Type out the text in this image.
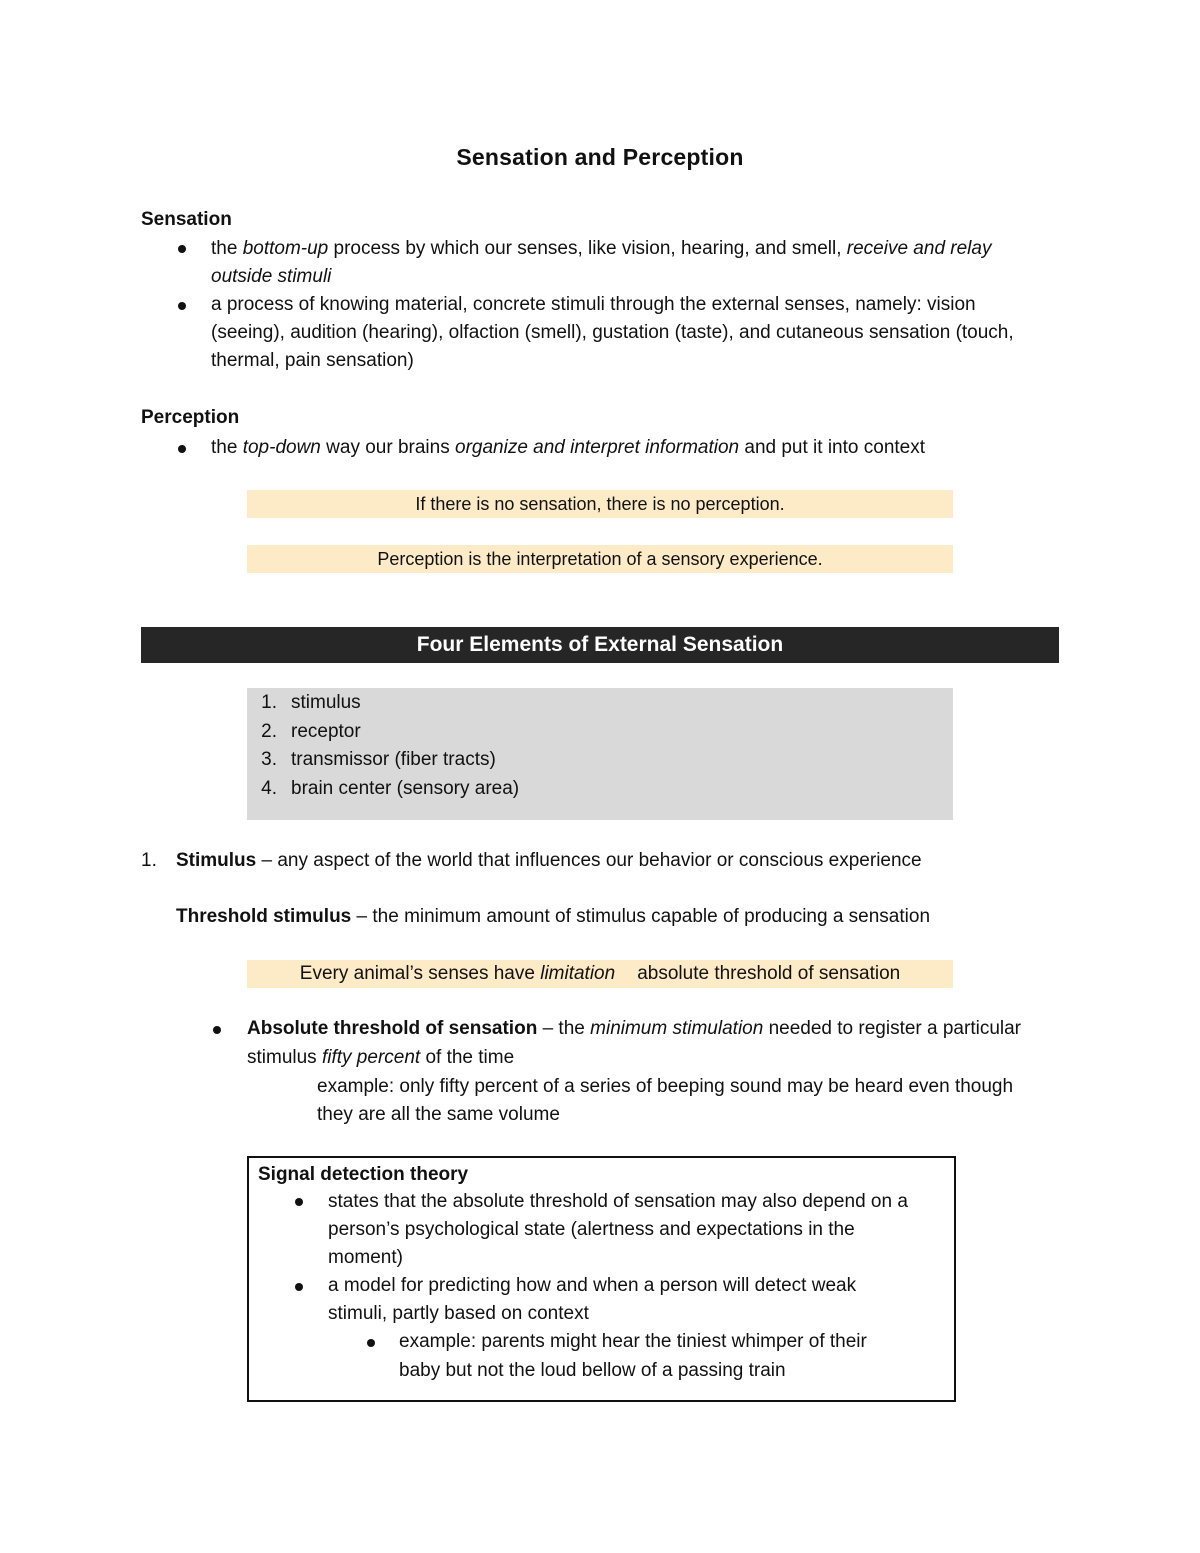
Sensation and Perception
Sensation
the bottom-up process by which our senses, like vision, hearing, and smell, receive and relay
outside stimuli
a process of knowing material, concrete stimuli through the external senses, namely: vision
(seeing), audition (hearing), olfaction (smell), gustation (taste), and cutaneous sensation (touch,
thermal, pain sensation)
Perception
the top-down way our brains organize and interpret information and put it into context
If there is no sensation, there is no perception.
Perception is the interpretation of a sensory experience.
Four Elements of External Sensation
1. stimulus
2. receptor
3. transmissor (fiber tracts)
4. brain center (sensory area)
1. Stimulus – any aspect of the world that influences our behavior or conscious experience
Threshold stimulus – the minimum amount of stimulus capable of producing a sensation
Every animal’s senses have limitation absolute threshold of sensation
Absolute threshold of sensation – the minimum stimulation needed to register a particular
stimulus fifty percent of the time
example: only fifty percent of a series of beeping sound may be heard even though
they are all the same volume
Signal detection theory
states that the absolute threshold of sensation may also depend on a
person’s psychological state (alertness and expectations in the
moment)
a model for predicting how and when a person will detect weak
stimuli, partly based on context
example: parents might hear the tiniest whimper of their
baby but not the loud bellow of a passing train
